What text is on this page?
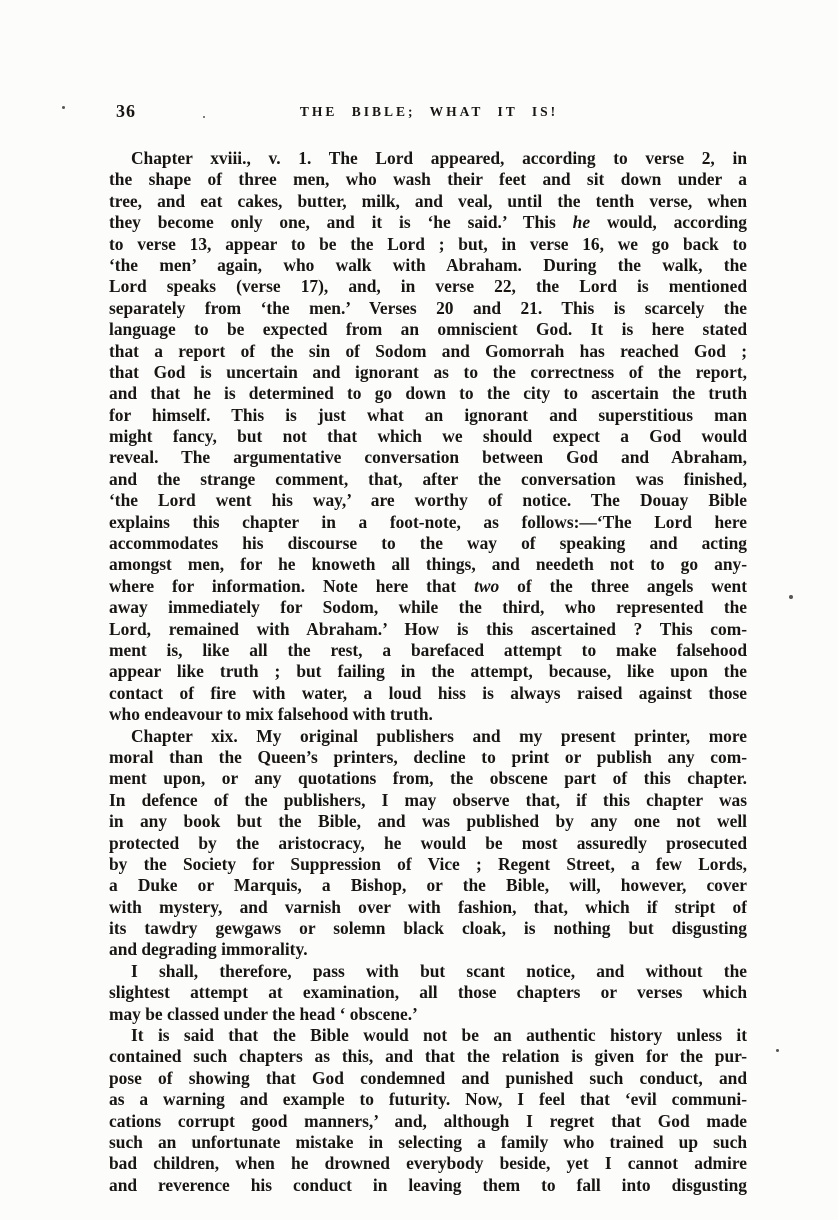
36	THE BIBLE; WHAT IT IS!
Chapter xviii., v. 1. The Lord appeared, according to verse 2, in
the shape of three men, who wash their feet and sit down under a
tree, and eat cakes, butter, milk, and veal, until the tenth verse, when
they become only one, and it is ‘he said.’ This he would, according
to verse 13, appear to be the Lord ; but, in verse 16, we go back to
‘the men’ again, who walk with Abraham. During the walk, the
Lord speaks (verse 17), and, in verse 22, the Lord is mentioned
separately from ‘the men.’ Verses 20 and 21. This is scarcely the
language to be expected from an omniscient God. It is here stated
that a report of the sin of Sodom and Gomorrah has reached God ;
that God is uncertain and ignorant as to the correctness of the report,
and that he is determined to go down to the city to ascertain the truth
for himself. This is just what an ignorant and superstitious man
might fancy, but not that which we should expect a God would
reveal. The argumentative conversation between God and Abraham,
and the strange comment, that, after the conversation was finished,
‘the Lord went his way,’ are worthy of notice. The Douay Bible
explains this chapter in a foot-note, as follows:—‘The Lord here
accommodates his discourse to the way of speaking and acting
amongst men, for he knoweth all things, and needeth not to go any-
where for information. Note here that two of the three angels went
away immediately for Sodom, while the third, who represented the
Lord, remained with Abraham.’ How is this ascertained ? This com-
ment is, like all the rest, a barefaced attempt to make falsehood
appear like truth ; but failing in the attempt, because, like upon the
contact of fire with water, a loud hiss is always raised against those
who endeavour to mix falsehood with truth.
Chapter xix. My original publishers and my present printer, more
moral than the Queen’s printers, decline to print or publish any com-
ment upon, or any quotations from, the obscene part of this chapter.
In defence of the publishers, I may observe that, if this chapter was
in any book but the Bible, and was published by any one not well
protected by the aristocracy, he would be most assuredly prosecuted
by the Society for Suppression of Vice ; Regent Street, a few Lords,
a Duke or Marquis, a Bishop, or the Bible, will, however, cover
with mystery, and varnish over with fashion, that, which if stript of
its tawdry gewgaws or solemn black cloak, is nothing but disgusting
and degrading immorality.
I shall, therefore, pass with but scant notice, and without the
slightest attempt at examination, all those chapters or verses which
may be classed under the head ‘ obscene.’
It is said that the Bible would not be an authentic history unless it
contained such chapters as this, and that the relation is given for the pur-
pose of showing that God condemned and punished such conduct, and
as a warning and example to futurity. Now, I feel that ‘evil communi-
cations corrupt good manners,’ and, although I regret that God made
such an unfortunate mistake in selecting a family who trained up such
bad children, when he drowned everybody beside, yet I cannot admire
and reverence his conduct in leaving them to fall into disgusting
